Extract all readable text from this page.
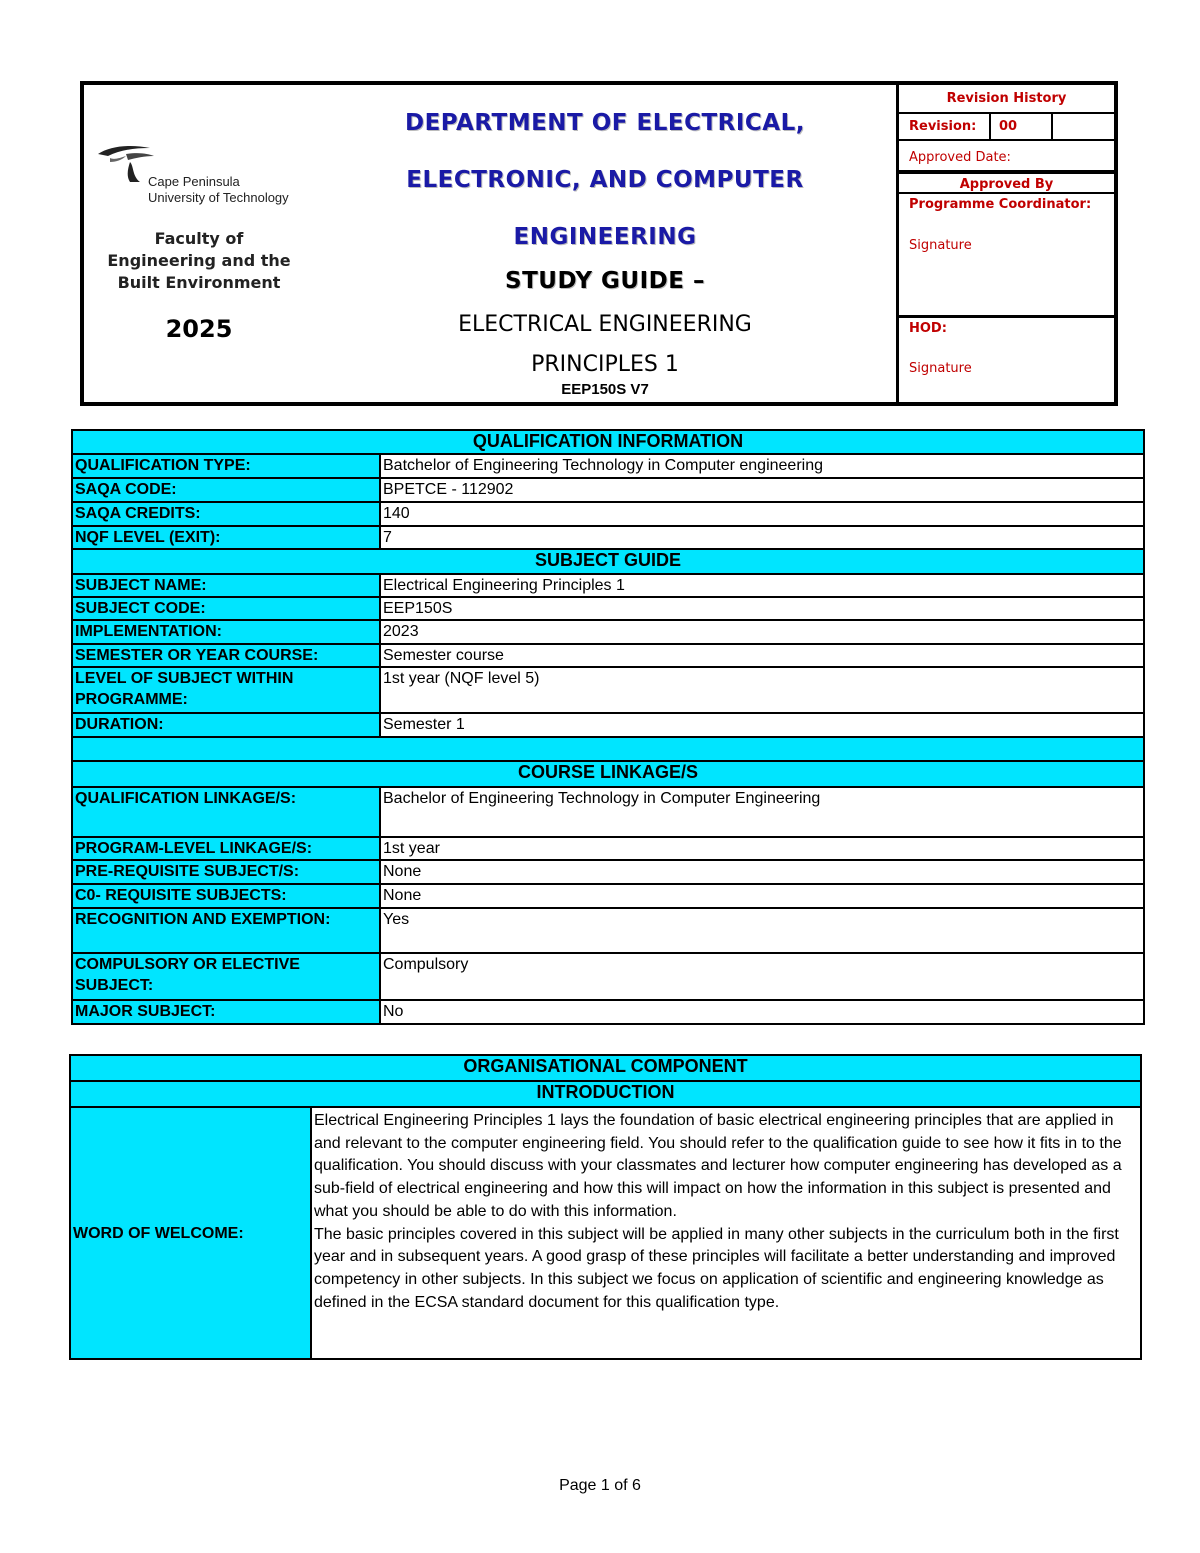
Cape Peninsula
University of Technology
Faculty of
Engineering and the
Built Environment
2025
DEPARTMENT OF ELECTRICAL,
ELECTRONIC, AND COMPUTER
ENGINEERING
STUDY GUIDE –
ELECTRICAL ENGINEERING
PRINCIPLES 1
EEP150S V7
Revision History
Revision:	00
Approved Date:
Approved By
Programme Coordinator:
Signature
HOD:
Signature
QUALIFICATION INFORMATION	
QUALIFICATION TYPE:	Batchelor of Engineering Technology in Computer engineering
SAQA CODE:	BPETCE - 112902
SAQA CREDITS:	140
NQF LEVEL (EXIT):	7
SUBJECT GUIDE	
SUBJECT NAME:	Electrical Engineering Principles 1
SUBJECT CODE:	EEP150S
IMPLEMENTATION:	2023
SEMESTER OR YEAR COURSE:	Semester course
LEVEL OF SUBJECT WITHIN PROGRAMME:	1st year (NQF level 5)
DURATION:	Semester 1

COURSE LINKAGE/S	
QUALIFICATION LINKAGE/S:	Bachelor of Engineering Technology in Computer Engineering
PROGRAM-LEVEL LINKAGE/S:	1st year
PRE-REQUISITE SUBJECT/S:	None
C0- REQUISITE SUBJECTS:	None
RECOGNITION AND EXEMPTION:	Yes
COMPULSORY OR ELECTIVE SUBJECT:	Compulsory
MAJOR SUBJECT:	No
ORGANISATIONAL COMPONENT
INTRODUCTION
WORD OF WELCOME:	

Electrical Engineering Principles 1 lays the foundation of basic electrical engineering principles that are applied in and relevant to the computer engineering field. You should refer to the qualification guide to see how it fits in to the qualification. You should discuss with your classmates and lecturer how computer engineering has developed as a sub-field of electrical engineering and how this will impact on how the information in this subject is presented and what you should be able to do with this information.

The basic principles covered in this subject will be applied in many other subjects in the curriculum both in the first year and in subsequent years. A good grasp of these principles will facilitate a better understanding and improved competency in other subjects. In this subject we focus on application of scientific and engineering knowledge as defined in the ECSA standard document for this qualification type.

Page 1 of 6
